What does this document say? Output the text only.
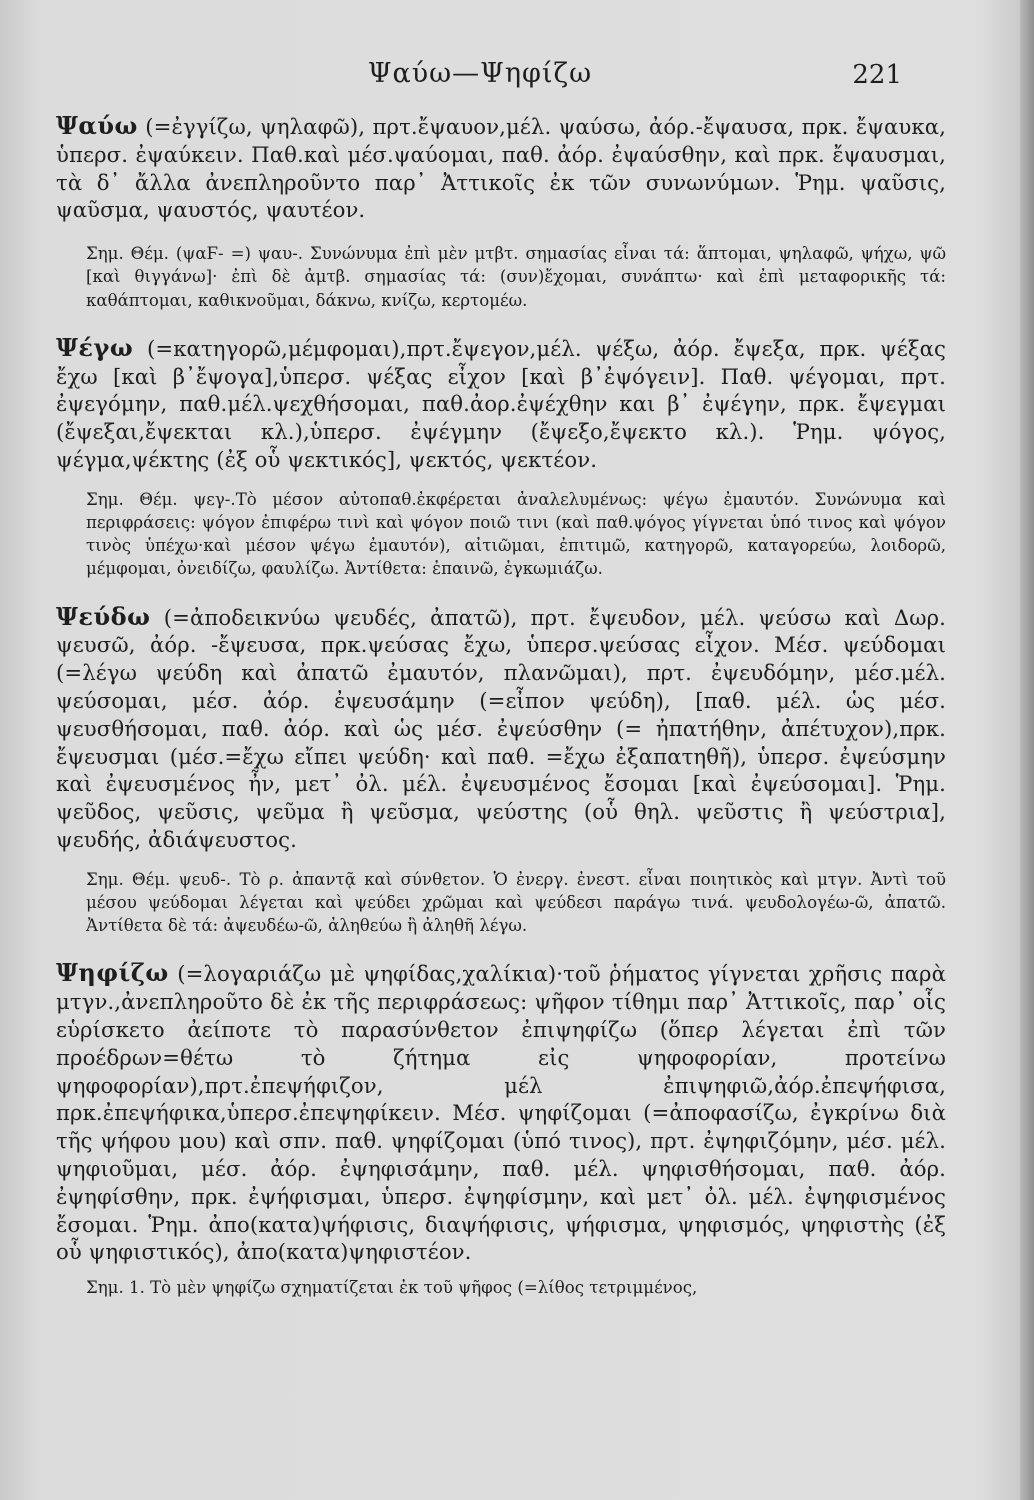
Ψαύω—Ψηφίζω	221

Ψαύω (=ἐγγίζω, ψηλαφῶ), πρτ.ἔψαυον,μέλ. ψαύσω, ἀόρ.-ἔψαυσα, πρκ. ἔψαυκα, ὑπερσ. ἐψαύκειν. Παθ.καὶ μέσ.ψαύομαι, παθ. ἀόρ. ἐψαύσθην, καὶ πρκ. ἔψαυσμαι, τὰ δ᾽ ἄλλα ἀνεπληροῦντο παρ᾽ Ἀττικοῖς ἐκ τῶν συνωνύμων. Ῥημ. ψαῦσις, ψαῦσμα, ψαυστός, ψαυτέον.

Σημ. Θέμ. (ψαϜ- =) ψαυ-. Συνώνυμα ἐπὶ μὲν μτβτ. σημασίας εἶναι τά: ἅπτομαι, ψηλαφῶ, ψήχω, ψῶ [καὶ θιγγάνω]· ἐπὶ δὲ ἀμτβ. σημασίας τά: (συν)ἔχομαι, συνάπτω· καὶ ἐπὶ μεταφορικῆς τά: καθάπτομαι, καθικνοῦμαι, δάκνω, κνίζω, κερτομέω.

Ψέγω (=κατηγορῶ,μέμφομαι),πρτ.ἔψεγον,μέλ. ψέξω, ἀόρ. ἔψεξα, πρκ. ψέξας ἔχω [καὶ β᾽ἔψογα],ὑπερσ. ψέξας εἶχον [καὶ β᾽ἐψόγειν]. Παθ. ψέγομαι, πρτ. ἐψεγόμην, παθ.μέλ.ψεχθήσομαι, παθ.ἀορ.ἐψέχθην και β᾽ ἐψέγην, πρκ. ἔψεγμαι (ἔψεξαι,ἔψεκται κλ.),ὑπερσ. ἐψέγμην (ἔψεξο,ἔψεκτο κλ.). Ῥημ. ψόγος, ψέγμα,ψέκτης (ἐξ οὗ ψεκτικός], ψεκτός, ψεκτέον.

Σημ. Θέμ. ψεγ-.Τὸ μέσον αὐτοπαθ.ἐκφέρεται ἀναλελυμένως: ψέγω ἐμαυτόν. Συνώνυμα καὶ περιφράσεις: ψόγον ἐπιφέρω τινὶ καὶ ψόγον ποιῶ τινι (καὶ παθ.ψόγος γίγνεται ὑπό τινος καὶ ψόγον τινὸς ὑπέχω·καὶ μέσον ψέγω ἐμαυτόν), αἰτιῶμαι, ἐπιτιμῶ, κατηγορῶ, καταγορεύω, λοιδορῶ, μέμφομαι, ὀνειδίζω, φαυλίζω. Ἀντίθετα: ἐπαινῶ, ἐγκωμιάζω.

Ψεύδω (=ἀποδεικνύω ψευδές, ἀπατῶ), πρτ. ἔψευδον, μέλ. ψεύσω καὶ Δωρ. ψευσῶ, ἀόρ. -ἔψευσα, πρκ.ψεύσας ἔχω, ὑπερσ.ψεύσας εἶχον. Μέσ. ψεύδομαι (=λέγω ψεύδη καὶ ἀπατῶ ἐμαυτόν, πλανῶμαι), πρτ. ἐψευδόμην, μέσ.μέλ. ψεύσομαι, μέσ. ἀόρ. ἐψευσάμην (=εἶπον ψεύδη), [παθ. μέλ. ὡς μέσ. ψευσθήσομαι, παθ. ἀόρ. καὶ ὡς μέσ. ἐψεύσθην (= ἠπατήθην, ἀπέτυχον),πρκ. ἔψευσμαι (μέσ.=ἔχω εἴπει ψεύδη· καὶ παθ. =ἔχω ἐξαπατηθῆ), ὑπερσ. ἐψεύσμην καὶ ἐψευσμένος ἦν, μετ᾽ ὀλ. μέλ. ἐψευσμένος ἔσομαι [καὶ ἐψεύσομαι]. Ῥημ. ψεῦδος, ψεῦσις, ψεῦμα ἢ ψεῦσμα, ψεύστης (οὗ θηλ. ψεῦστις ἢ ψεύστρια], ψευδής, ἀδιάψευστος.

Σημ. Θέμ. ψευδ-. Τὸ ρ. ἀπαντᾷ καὶ σύνθετον. Ὁ ἐνεργ. ἐνεστ. εἶναι ποιητικὸς καὶ μτγν. Ἀντὶ τοῦ μέσου ψεύδομαι λέγεται καὶ ψεύδει χρῶμαι καὶ ψεύδεσι παράγω τινά. ψευδολογέω-ῶ, ἀπατῶ. Ἀντίθετα δὲ τά: ἀψευδέω-ῶ, ἀληθεύω ἢ ἀληθῆ λέγω.

Ψηφίζω (=λογαριάζω μὲ ψηφίδας,χαλίκια)·τοῦ ῥήματος γίγνεται χρῆσις παρὰ μτγν.,ἀνεπληροῦτο δὲ ἐκ τῆς περιφράσεως: ψῆφον τίθημι παρ᾽ Ἀττικοῖς, παρ᾽ οἷς εὑρίσκετο ἀείποτε τὸ παρασύνθετον ἐπιψηφίζω (ὅπερ λέγεται ἐπὶ τῶν προέδρων=θέτω τὸ ζήτημα εἰς ψηφοφορίαν, προτείνω ψηφοφορίαν),πρτ.ἐπεψήφιζον, μέλ ἐπιψηφιῶ,ἀόρ.ἐπεψήφισα, πρκ.ἐπεψήφικα,ὑπερσ.ἐπεψηφίκειν. Μέσ. ψηφίζομαι (=ἀποφασίζω, ἐγκρίνω διὰ τῆς ψήφου μου) καὶ σπν. παθ. ψηφίζομαι (ὑπό τινος), πρτ. ἐψηφιζόμην, μέσ. μέλ. ψηφιοῦμαι, μέσ. ἀόρ. ἐψηφισάμην, παθ. μέλ. ψηφισθήσομαι, παθ. ἀόρ. ἐψηφίσθην, πρκ. ἐψήφισμαι, ὑπερσ. ἐψηφίσμην, καὶ μετ᾽ ὀλ. μέλ. ἐψηφισμένος ἔσομαι. Ῥημ. ἀπο(κατα)ψήφισις, διαψήφισις, ψήφισμα, ψηφισμός, ψηφιστὴς (ἐξ οὗ ψηφιστικός), ἀπο(κατα)ψηφιστέον.

Σημ. 1. Τὸ μὲν ψηφίζω σχηματίζεται ἐκ τοῦ ψῆφος (=λίθος τετριμμένος,
